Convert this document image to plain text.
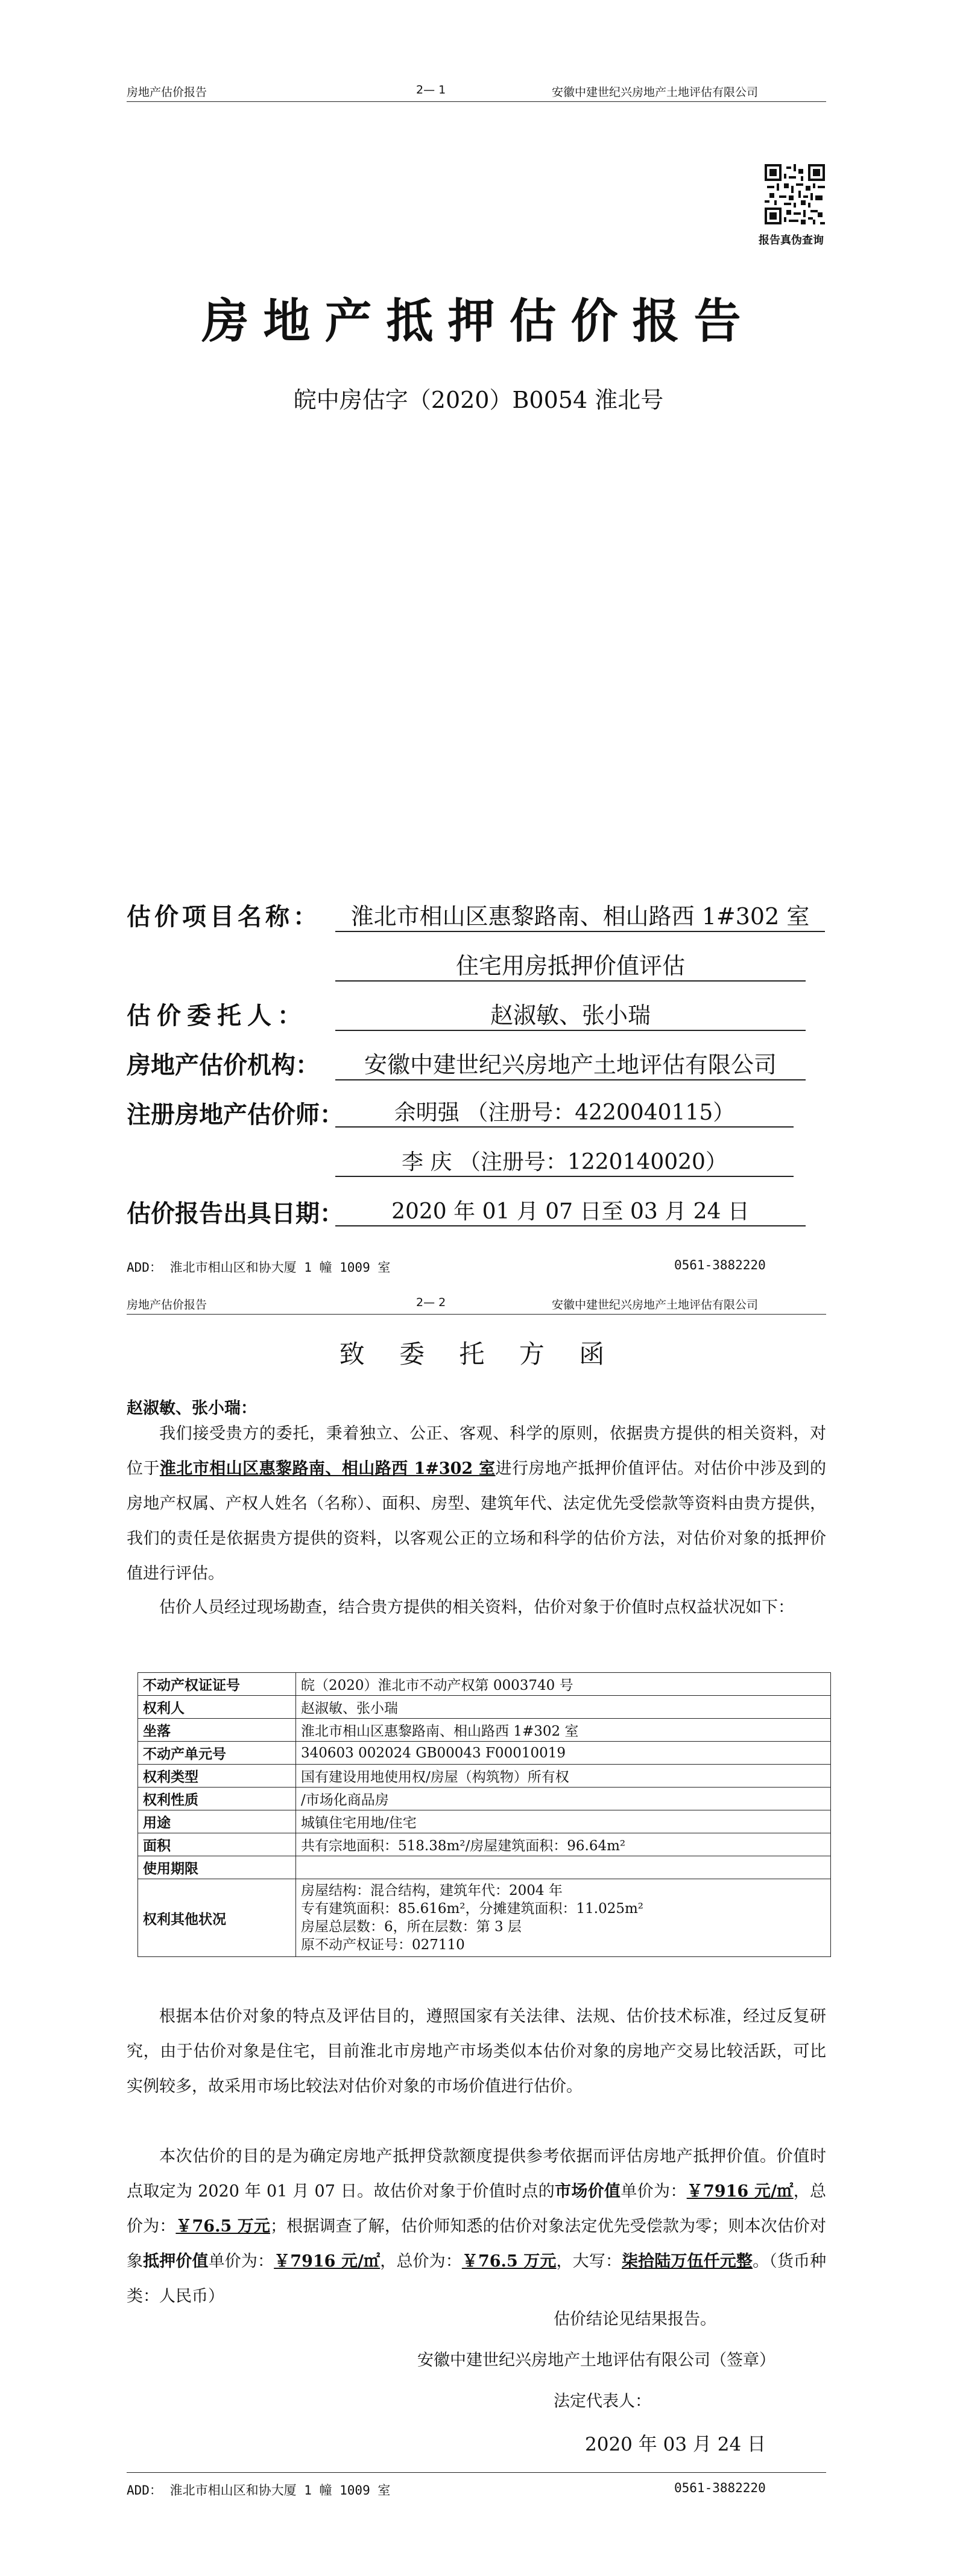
房地产估价报告	2— 1	安徽中建世纪兴房地产土地评估有限公司
报告真伪查询
房地产抵押估价报告
皖中房估字（2020）B0054 淮北号
估价项目名称：	淮北市相山区惠黎路南、相山路西 1#302 室
住宅用房抵押价值评估
估价委托人：	赵淑敏、张小瑞
房地产估价机构：	安徽中建世纪兴房地产土地评估有限公司
注册房地产估价师：	余明强 （注册号：4220040115）
李 庆 （注册号：1220140020）
估价报告出具日期：	2020 年 01 月 07 日至 03 月 24 日
ADD： 淮北市相山区和协大厦 1 幢 1009 室	0561-3882220
房地产估价报告	2— 2	安徽中建世纪兴房地产土地评估有限公司
致 委 托 方 函
赵淑敏、张小瑞：
我们接受贵方的委托，秉着独立、公正、客观、科学的原则，依据贵方提供的相关资料，对位于淮北市相山区惠黎路南、相山路西 1#302 室进行房地产抵押价值评估。对估价中涉及到的房地产权属、产权人姓名（名称）、面积、房型、建筑年代、法定优先受偿款等资料由贵方提供，我们的责任是依据贵方提供的资料，以客观公正的立场和科学的估价方法，对估价对象的抵押价值进行评估。
估价人员经过现场勘查，结合贵方提供的相关资料，估价对象于价值时点权益状况如下：
不动产权证证号	皖（2020）淮北市不动产权第 0003740 号
权利人	赵淑敏、张小瑞
坐落	淮北市相山区惠黎路南、相山路西 1#302 室
不动产单元号	340603 002024 GB00043 F00010019
权利类型	国有建设用地使用权/房屋（构筑物）所有权
权利性质	/市场化商品房
用途	城镇住宅用地/住宅
面积	共有宗地面积：518.38m²/房屋建筑面积：96.64m²
使用期限	
权利其他状况	房屋结构：混合结构，建筑年代：2004 年
专有建筑面积：85.616m²，分摊建筑面积：11.025m²
房屋总层数：6，所在层数：第 3 层
原不动产权证号：027110
根据本估价对象的特点及评估目的，遵照国家有关法律、法规、估价技术标准，经过反复研究，由于估价对象是住宅，目前淮北市房地产市场类似本估价对象的房地产交易比较活跃，可比实例较多，故采用市场比较法对估价对象的市场价值进行估价。
本次估价的目的是为确定房地产抵押贷款额度提供参考依据而评估房地产抵押价值。价值时点取定为 2020 年 01 月 07 日。故估价对象于价值时点的市场价值单价为：￥7916 元/㎡，总价为：￥76.5 万元；根据调查了解，估价师知悉的估价对象法定优先受偿款为零；则本次估价对象抵押价值单价为：￥7916 元/㎡，总价为：￥76.5 万元，大写：柒拾陆万伍仟元整。（货币种类：人民币）
估价结论见结果报告。
安徽中建世纪兴房地产土地评估有限公司（签章）
法定代表人：
2020 年 03 月 24 日
ADD： 淮北市相山区和协大厦 1 幢 1009 室	0561-3882220
